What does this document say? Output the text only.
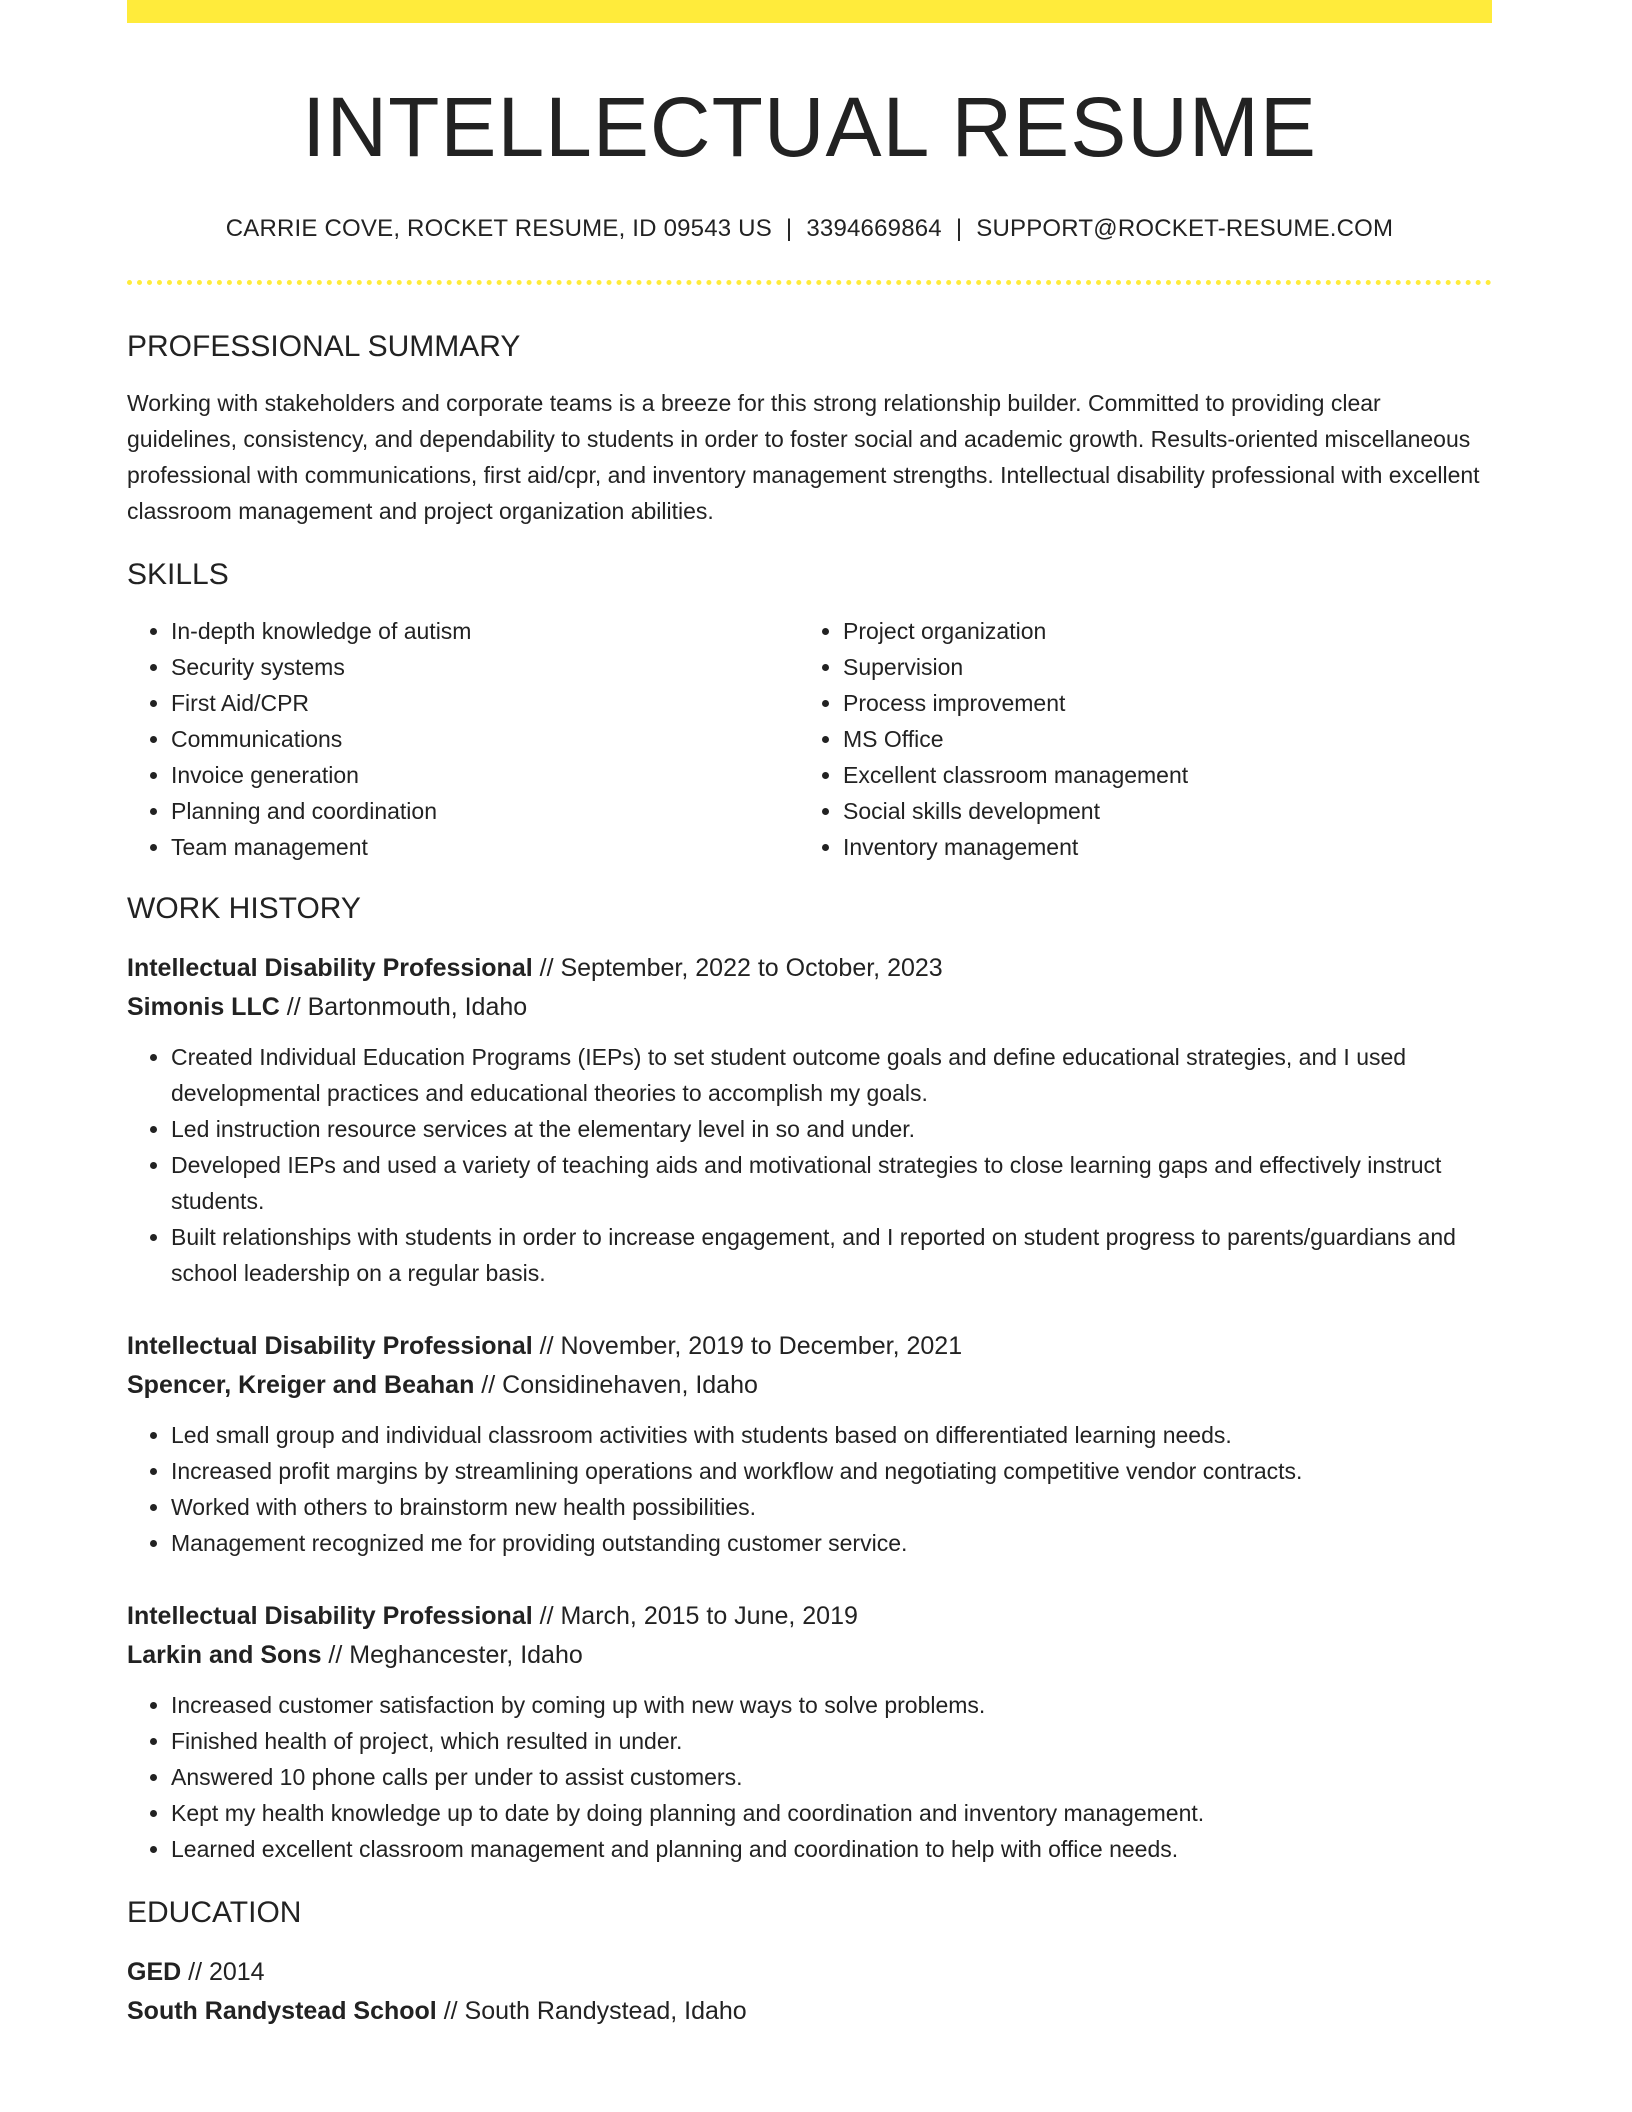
INTELLECTUAL RESUME
CARRIE COVE, ROCKET RESUME, ID 09543 US | 3394669864 | SUPPORT@ROCKET-RESUME.COM
PROFESSIONAL SUMMARY
Working with stakeholders and corporate teams is a breeze for this strong relationship builder. Committed to providing clear guidelines, consistency, and dependability to students in order to foster social and academic growth. Results-oriented miscellaneous professional with communications, first aid/cpr, and inventory management strengths. Intellectual disability professional with excellent classroom management and project organization abilities.
SKILLS
• In-depth knowledge of autism
• Security systems
• First Aid/CPR
• Communications
• Invoice generation
• Planning and coordination
• Team management
• Project organization
• Supervision
• Process improvement
• MS Office
• Excellent classroom management
• Social skills development
• Inventory management
WORK HISTORY
Intellectual Disability Professional // September, 2022 to October, 2023
Simonis LLC // Bartonmouth, Idaho
• Created Individual Education Programs (IEPs) to set student outcome goals and define educational strategies, and I used developmental practices and educational theories to accomplish my goals.
• Led instruction resource services at the elementary level in so and under.
• Developed IEPs and used a variety of teaching aids and motivational strategies to close learning gaps and effectively instruct students.
• Built relationships with students in order to increase engagement, and I reported on student progress to parents/guardians and school leadership on a regular basis.
Intellectual Disability Professional // November, 2019 to December, 2021
Spencer, Kreiger and Beahan // Considinehaven, Idaho
• Led small group and individual classroom activities with students based on differentiated learning needs.
• Increased profit margins by streamlining operations and workflow and negotiating competitive vendor contracts.
• Worked with others to brainstorm new health possibilities.
• Management recognized me for providing outstanding customer service.
Intellectual Disability Professional // March, 2015 to June, 2019
Larkin and Sons // Meghancester, Idaho
• Increased customer satisfaction by coming up with new ways to solve problems.
• Finished health of project, which resulted in under.
• Answered 10 phone calls per under to assist customers.
• Kept my health knowledge up to date by doing planning and coordination and inventory management.
• Learned excellent classroom management and planning and coordination to help with office needs.
EDUCATION
GED // 2014
South Randystead School // South Randystead, Idaho
